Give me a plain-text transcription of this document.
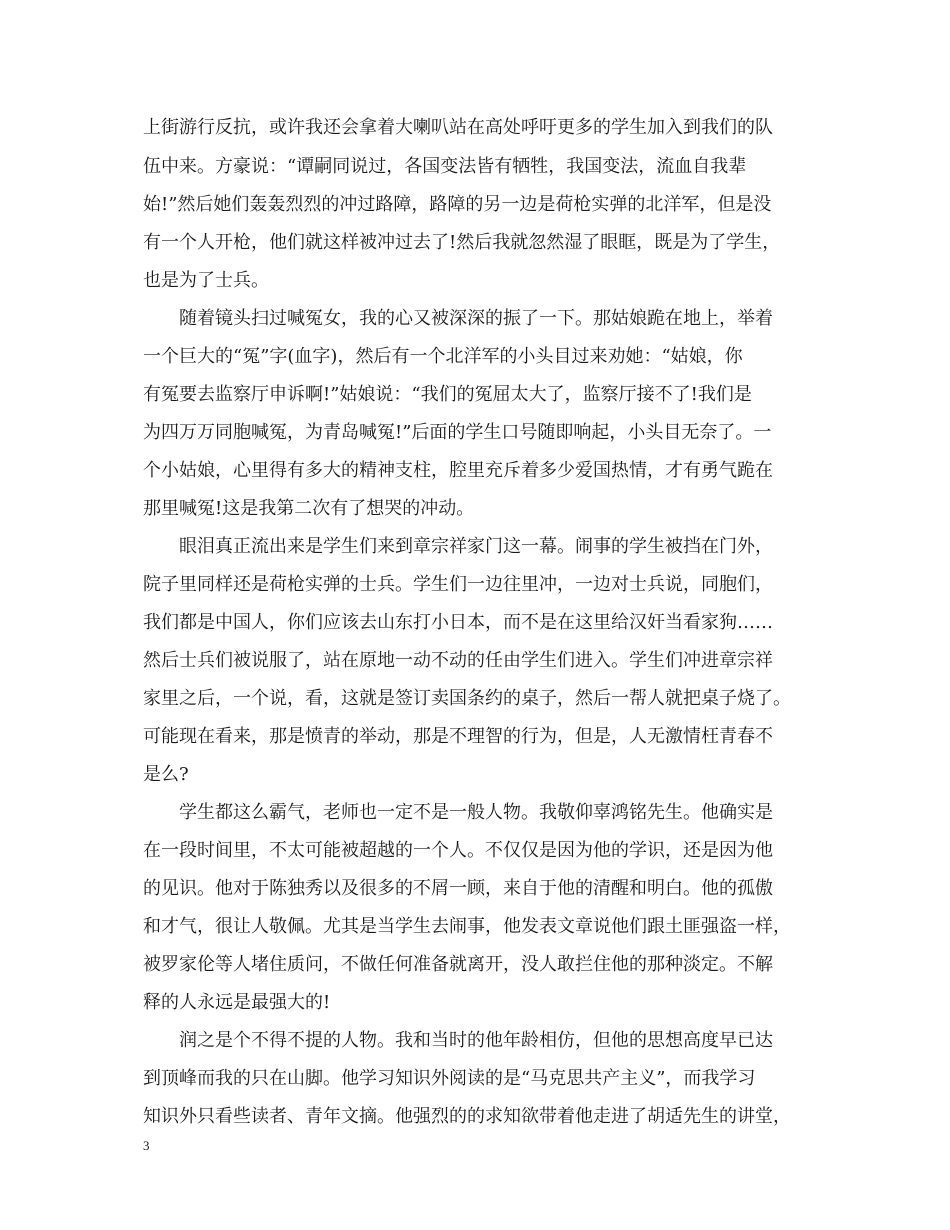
上街游行反抗，或许我还会拿着大喇叭站在高处呼吁更多的学生加入到我们的队
伍中来。方豪说：“谭嗣同说过，各国变法皆有牺牲，我国变法，流血自我辈
始!”然后她们轰轰烈烈的冲过路障，路障的另一边是荷枪实弹的北洋军，但是没
有一个人开枪，他们就这样被冲过去了!然后我就忽然湿了眼眶，既是为了学生，
也是为了士兵。
随着镜头扫过喊冤女，我的心又被深深的振了一下。那姑娘跪在地上，举着
一个巨大的“冤”字(血字)，然后有一个北洋军的小头目过来劝她：“姑娘，你
有冤要去监察厅申诉啊!”姑娘说：“我们的冤屈太大了，监察厅接不了!我们是
为四万万同胞喊冤，为青岛喊冤!”后面的学生口号随即响起，小头目无奈了。一
个小姑娘，心里得有多大的精神支柱，腔里充斥着多少爱国热情，才有勇气跪在
那里喊冤!这是我第二次有了想哭的冲动。
眼泪真正流出来是学生们来到章宗祥家门这一幕。闹事的学生被挡在门外，
院子里同样还是荷枪实弹的士兵。学生们一边往里冲，一边对士兵说，同胞们，
我们都是中国人，你们应该去山东打小日本，而不是在这里给汉奸当看家狗……
然后士兵们被说服了，站在原地一动不动的任由学生们进入。学生们冲进章宗祥
家里之后，一个说，看，这就是签订卖国条约的桌子，然后一帮人就把桌子烧了。
可能现在看来，那是愤青的举动，那是不理智的行为，但是，人无激情枉青春不
是么?
学生都这么霸气，老师也一定不是一般人物。我敬仰辜鸿铭先生。他确实是
在一段时间里，不太可能被超越的一个人。不仅仅是因为他的学识，还是因为他
的见识。他对于陈独秀以及很多的不屑一顾，来自于他的清醒和明白。他的孤傲
和才气，很让人敬佩。尤其是当学生去闹事，他发表文章说他们跟土匪强盗一样，
被罗家伦等人堵住质问，不做任何准备就离开，没人敢拦住他的那种淡定。不解
释的人永远是最强大的!
润之是个不得不提的人物。我和当时的他年龄相仿，但他的思想高度早已达
到顶峰而我的只在山脚。他学习知识外阅读的是“马克思共产主义”，而我学习
知识外只看些读者、青年文摘。他强烈的的求知欲带着他走进了胡适先生的讲堂，
3
